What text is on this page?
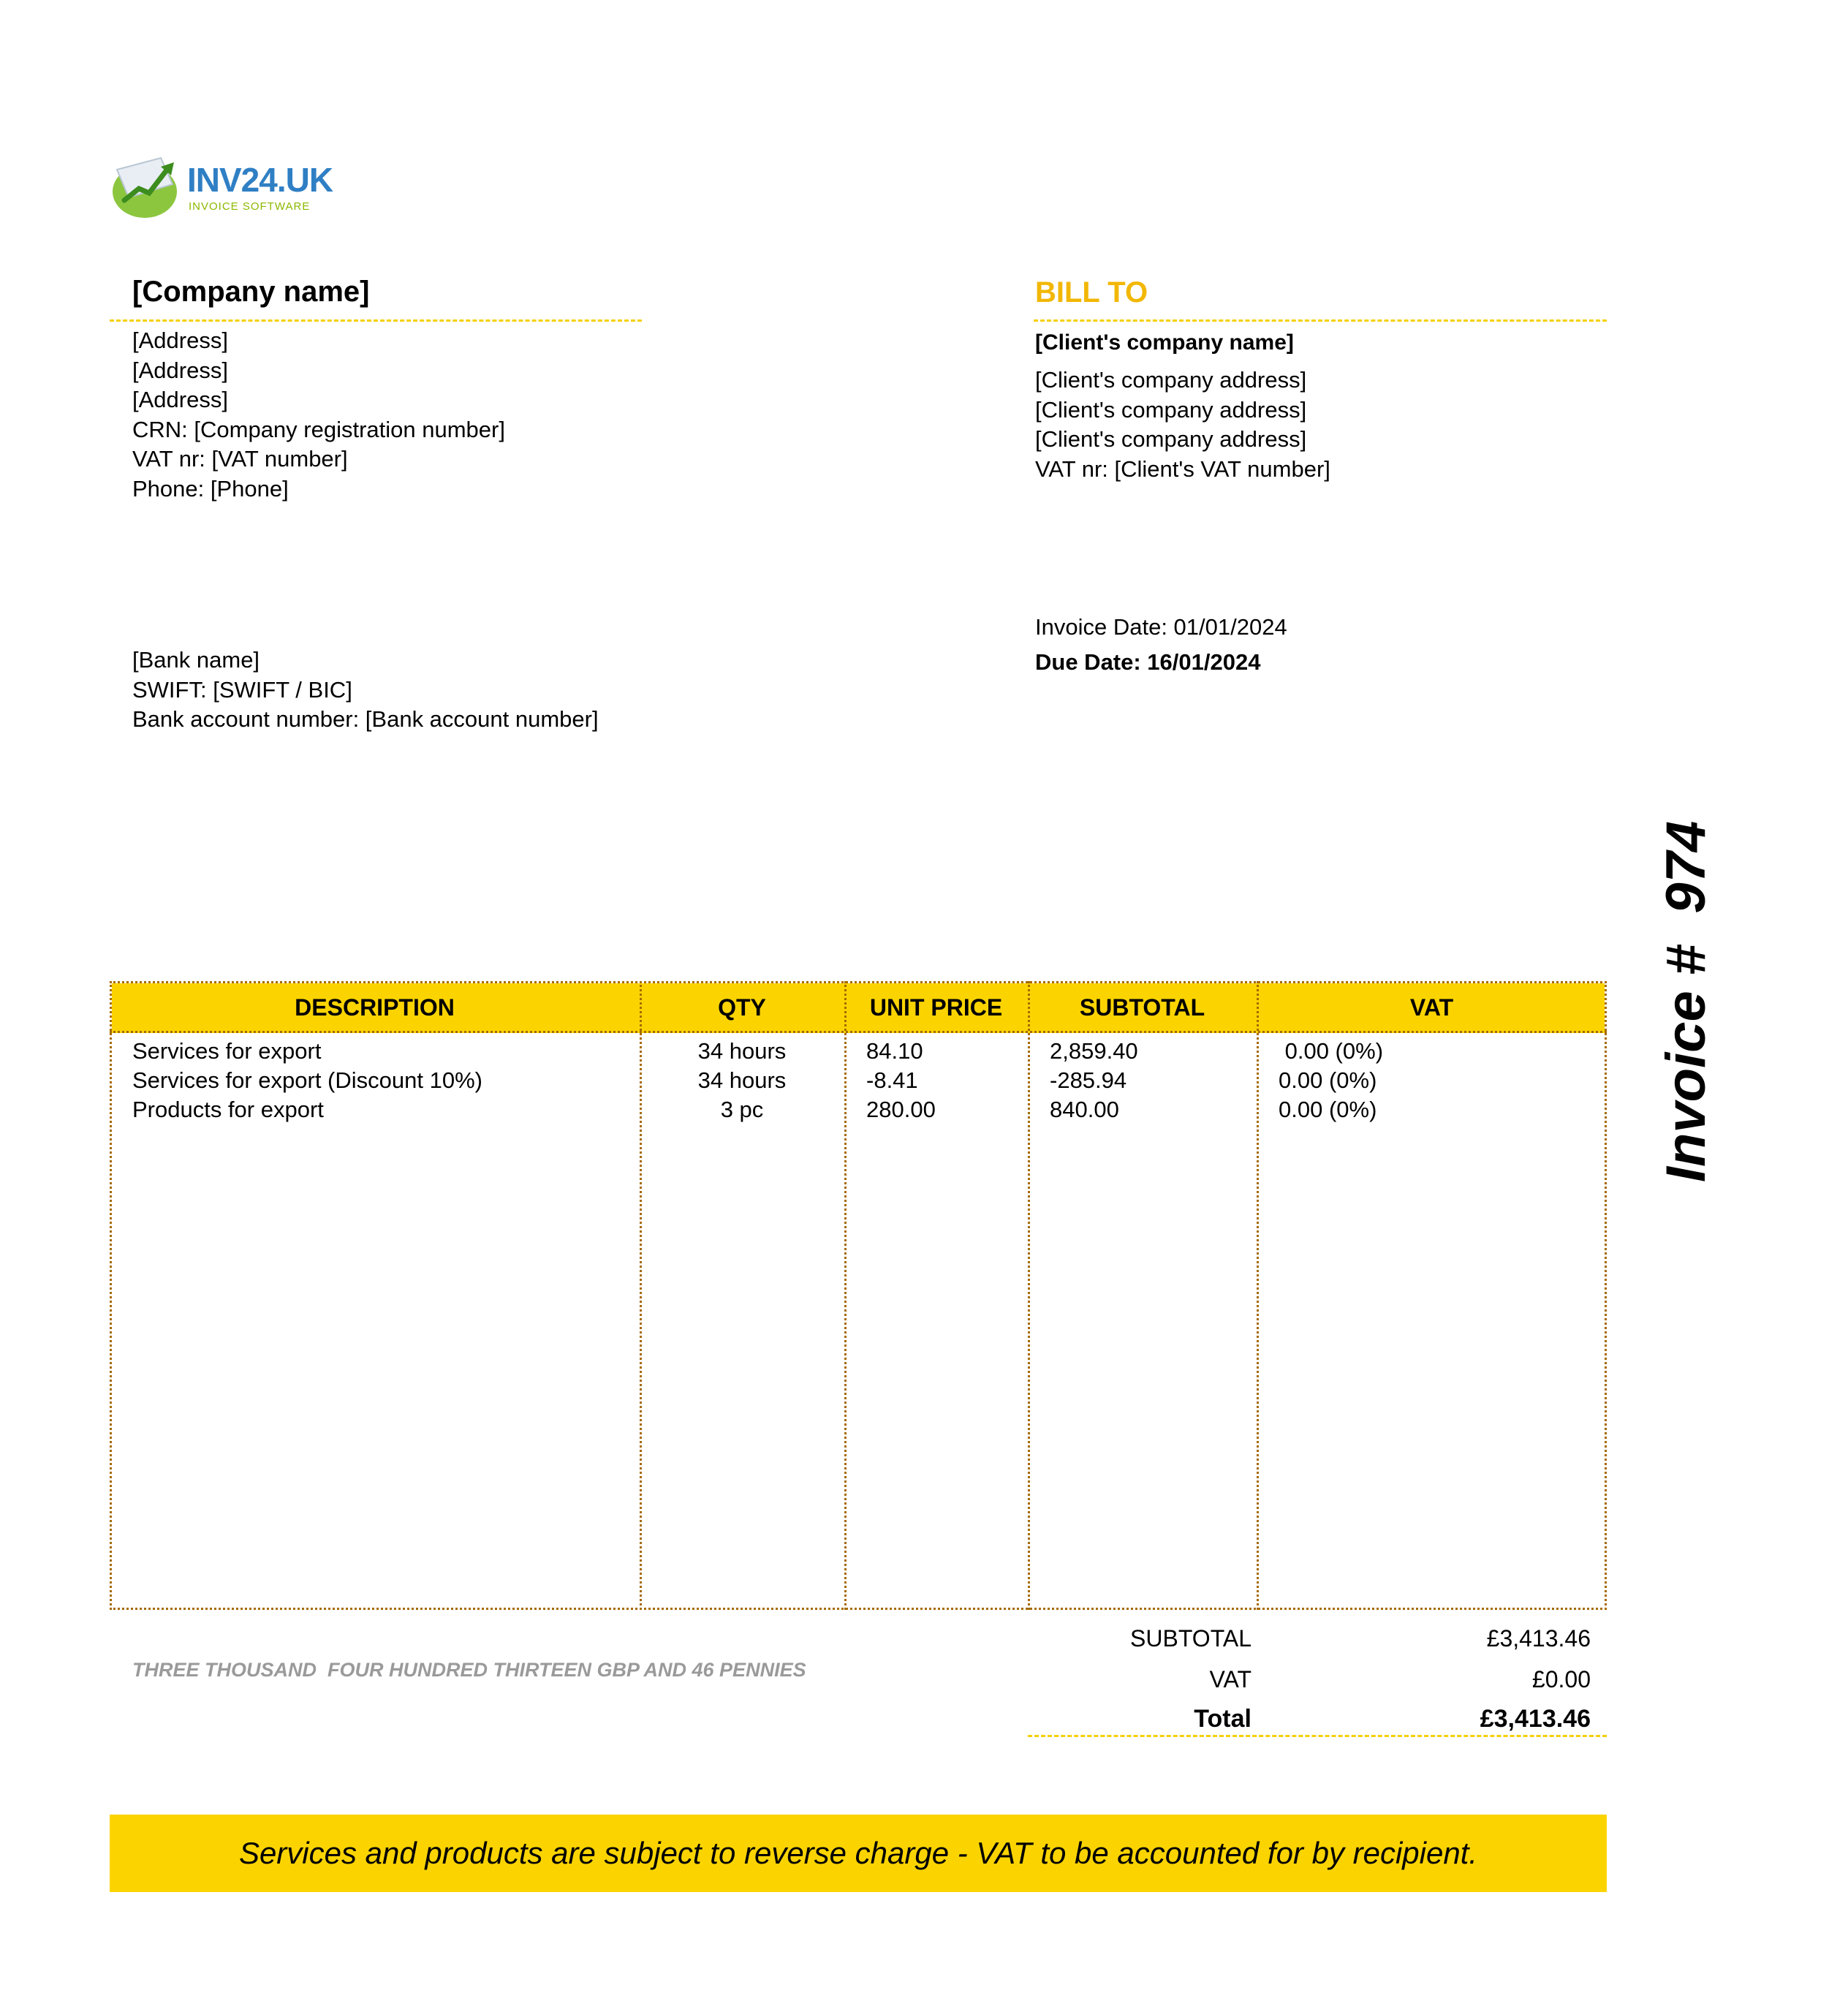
INV24.UK
INVOICE SOFTWARE
[Company name]
[Address]
[Address]
[Address]
CRN: [Company registration number]
VAT nr: [VAT number]
Phone: [Phone]
[Bank name]
SWIFT: [SWIFT / BIC]
Bank account number: [Bank account number]
BILL TO
[Client's company name]
[Client's company address]
[Client's company address]
[Client's company address]
VAT nr: [Client's VAT number]
Invoice Date: 01/01/2024
Due Date: 16/01/2024
Invoice #  974
DESCRIPTION	QTY	UNIT PRICE	SUBTOTAL	VAT
Services for export	34 hours	84.10	2,859.40	0.00 (0%)
Services for export (Discount 10%)	34 hours	-8.41	-285.94	0.00 (0%)
Products for export	3 pc	280.00	840.00	0.00 (0%)
THREE THOUSAND  FOUR HUNDRED THIRTEEN GBP AND 46 PENNIES
SUBTOTAL	£3,413.46
VAT	£0.00
Total	£3,413.46
Services and products are subject to reverse charge - VAT to be accounted for by recipient.
